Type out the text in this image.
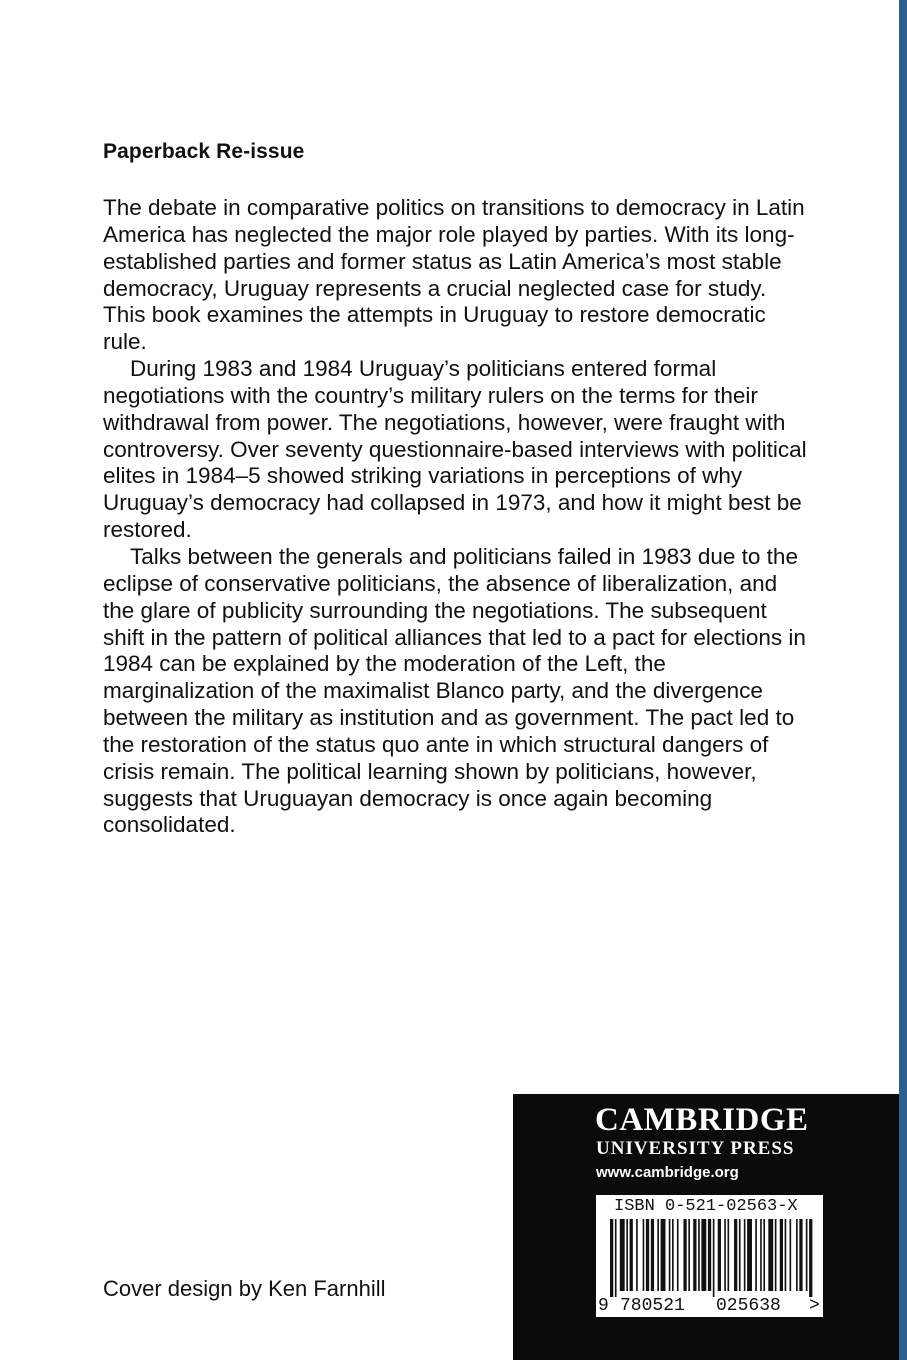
Paperback Re-issue

The debate in comparative politics on transitions to democracy in Latin America has neglected the major role played by parties. With its long-established parties and former status as Latin America’s most stable democracy, Uruguay represents a crucial neglected case for study. This book examines the attempts in Uruguay to restore democratic rule.

During 1983 and 1984 Uruguay’s politicians entered formal negotiations with the country’s military rulers on the terms for their withdrawal from power. The negotiations, however, were fraught with controversy. Over seventy questionnaire-based interviews with political elites in 1984–5 showed striking variations in perceptions of why Uruguay’s democracy had collapsed in 1973, and how it might best be restored.

Talks between the generals and politicians failed in 1983 due to the eclipse of conservative politicians, the absence of liberalization, and the glare of publicity surrounding the negotiations. The subsequent shift in the pattern of political alliances that led to a pact for elections in 1984 can be explained by the moderation of the Left, the marginalization of the maximalist Blanco party, and the divergence between the military as institution and as government. The pact led to the restoration of the status quo ante in which structural dangers of crisis remain. The political learning shown by politicians, however, suggests that Uruguayan democracy is once again becoming consolidated.

Cover design by Ken Farnhill
CAMBRIDGE
UNIVERSITY PRESS
www.cambridge.org
ISBN 0-521-02563-X
9 780521 025638 >
